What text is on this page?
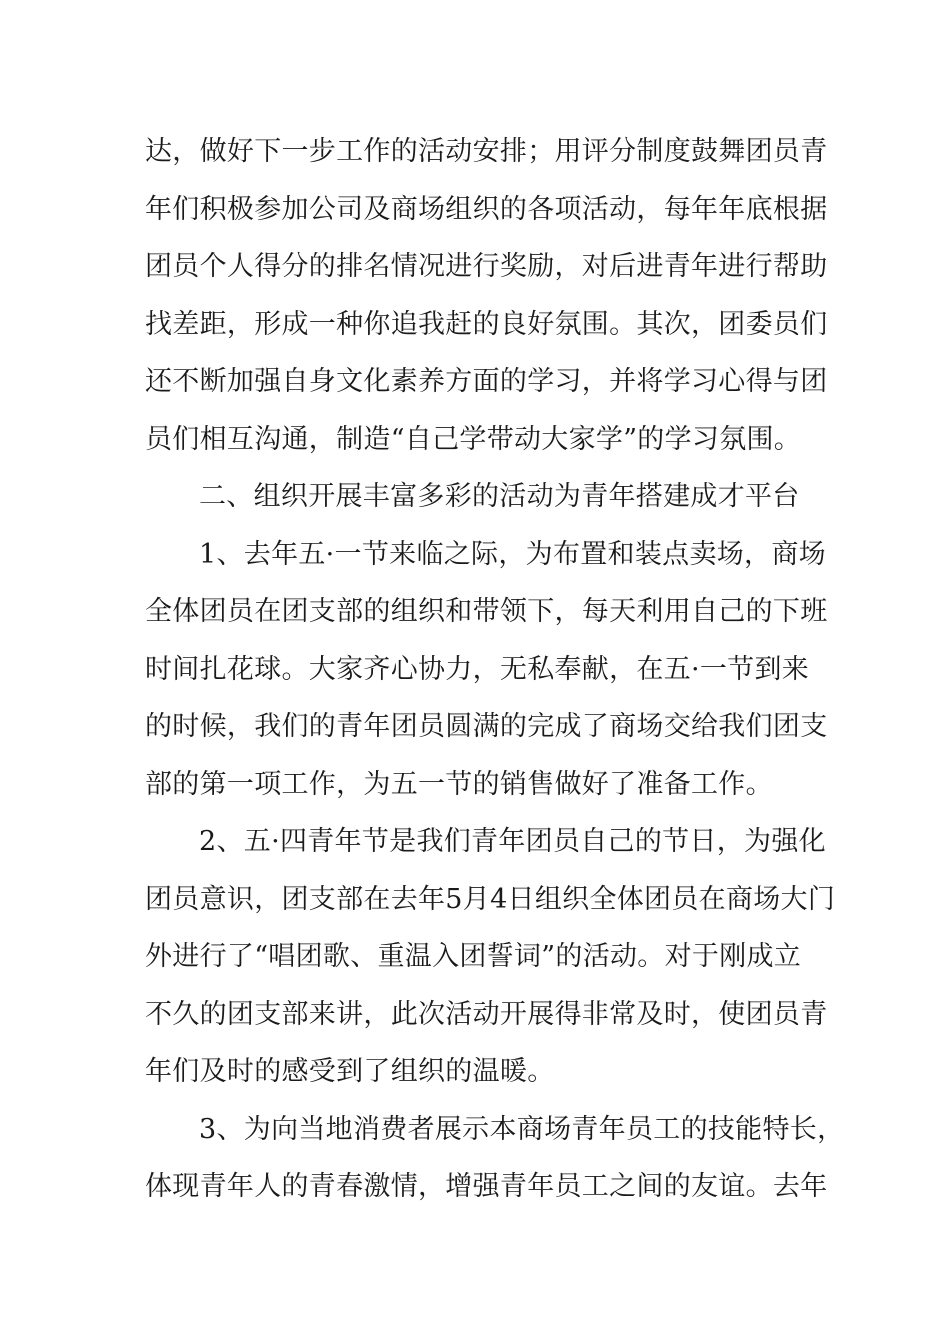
达，做好下一步工作的活动安排；用评分制度鼓舞团员青
年们积极参加公司及商场组织的各项活动，每年年底根据
团员个人得分的排名情况进行奖励，对后进青年进行帮助
找差距，形成一种你追我赶的良好氛围。其次，团委员们
还不断加强自身文化素养方面的学习，并将学习心得与团
员们相互沟通，制造“自己学带动大家学”的学习氛围。
二、组织开展丰富多彩的活动为青年搭建成才平台
1、去年五·一节来临之际，为布置和装点卖场，商场
全体团员在团支部的组织和带领下，每天利用自己的下班
时间扎花球。大家齐心协力，无私奉献，在五·一节到来
的时候，我们的青年团员圆满的完成了商场交给我们团支
部的第一项工作，为五一节的销售做好了准备工作。
2、五·四青年节是我们青年团员自己的节日，为强化
团员意识，团支部在去年5月4日组织全体团员在商场大门
外进行了“唱团歌、重温入团誓词”的活动。对于刚成立
不久的团支部来讲，此次活动开展得非常及时，使团员青
年们及时的感受到了组织的温暖。
3、为向当地消费者展示本商场青年员工的技能特长，
体现青年人的青春激情，增强青年员工之间的友谊。去年
